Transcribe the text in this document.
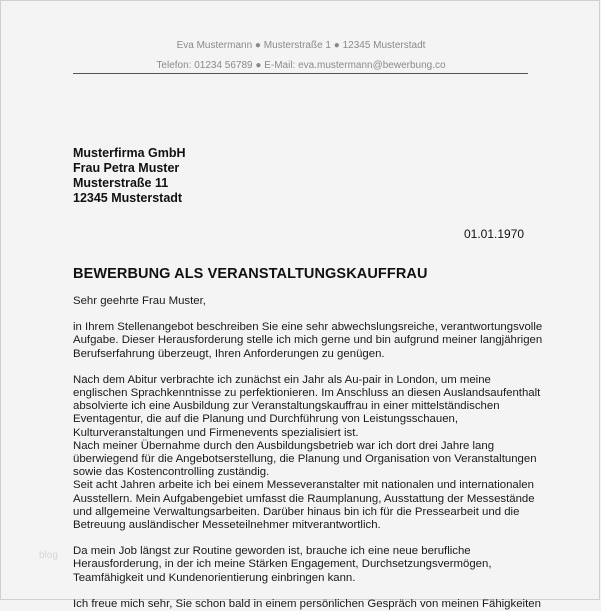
Eva Mustermann ● Musterstraße 1 ● 12345 Musterstadt
Telefon: 01234 56789 ● E-Mail: eva.mustermann@bewerbung.co
Musterfirma GmbH
Frau Petra Muster
Musterstraße 11
12345 Musterstadt
01.01.1970
BEWERBUNG ALS VERANSTALTUNGSKAUFFRAU

Sehr geehrte Frau Muster,

in Ihrem Stellenangebot beschreiben Sie eine sehr abwechslungsreiche, verantwortungsvolle
Aufgabe. Dieser Herausforderung stelle ich mich gerne und bin aufgrund meiner langjährigen
Berufserfahrung überzeugt, Ihren Anforderungen zu genügen.

Nach dem Abitur verbrachte ich zunächst ein Jahr als Au-pair in London, um meine
englischen Sprachkenntnisse zu perfektionieren. Im Anschluss an diesen Auslandsaufenthalt
absolvierte ich eine Ausbildung zur Veranstaltungskauffrau in einer mittelständischen
Eventagentur, die auf die Planung und Durchführung von Leistungsschauen,
Kulturveranstaltungen und Firmenevents spezialisiert ist.
Nach meiner Übernahme durch den Ausbildungsbetrieb war ich dort drei Jahre lang
überwiegend für die Angebotserstellung, die Planung und Organisation von Veranstaltungen
sowie das Kostencontrolling zuständig.
Seit acht Jahren arbeite ich bei einem Messeveranstalter mit nationalen und internationalen
Ausstellern. Mein Aufgabengebiet umfasst die Raumplanung, Ausstattung der Messestände
und allgemeine Verwaltungsarbeiten. Darüber hinaus bin ich für die Pressearbeit und die
Betreuung ausländischer Messeteilnehmer mitverantwortlich.

Da mein Job längst zur Routine geworden ist, brauche ich eine neue berufliche
Herausforderung, in der ich meine Stärken Engagement, Durchsetzungsvermögen,
Teamfähigkeit und Kundenorientierung einbringen kann.

Ich freue mich sehr, Sie schon bald in einem persönlichen Gespräch von meinen Fähigkeiten

blog
